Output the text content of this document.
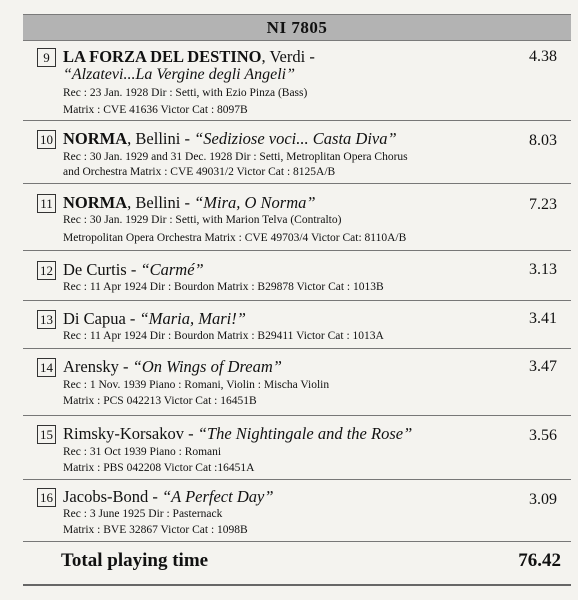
NI 7805
9 LA FORZA DEL DESTINO, Verdi -	4.38
“Alzatevi...La Vergine degli Angeli”
Rec : 23 Jan. 1928 Dir : Setti, with Ezio Pinza (Bass)
Matrix : CVE 41636 Victor Cat : 8097B
10 NORMA, Bellini - “Sediziose voci... Casta Diva”	8.03
Rec : 30 Jan. 1929 and 31 Dec. 1928 Dir : Setti, Metroplitan Opera Chorus
and Orchestra Matrix : CVE 49031/2 Victor Cat : 8125A/B
11 NORMA, Bellini - “Mira, O Norma”	7.23
Rec : 30 Jan. 1929 Dir : Setti, with Marion Telva (Contralto)
Metropolitan Opera Orchestra Matrix : CVE 49703/4 Victor Cat: 8110A/B
12 De Curtis - “Carmé”	3.13
Rec : 11 Apr 1924 Dir : Bourdon Matrix : B29878 Victor Cat : 1013B
13 Di Capua - “Maria, Mari!”	3.41
Rec : 11 Apr 1924 Dir : Bourdon Matrix : B29411 Victor Cat : 1013A
14 Arensky - “On Wings of Dream”	3.47
Rec : 1 Nov. 1939 Piano : Romani, Violin : Mischa Violin
Matrix : PCS 042213 Victor Cat : 16451B
15 Rimsky-Korsakov - “The Nightingale and the Rose”	3.56
Rec : 31 Oct 1939 Piano : Romani
Matrix : PBS 042208 Victor Cat :16451A
16 Jacobs-Bond - “A Perfect Day”	3.09
Rec : 3 June 1925 Dir : Pasternack
Matrix : BVE 32867 Victor Cat : 1098B
Total playing time	76.42
